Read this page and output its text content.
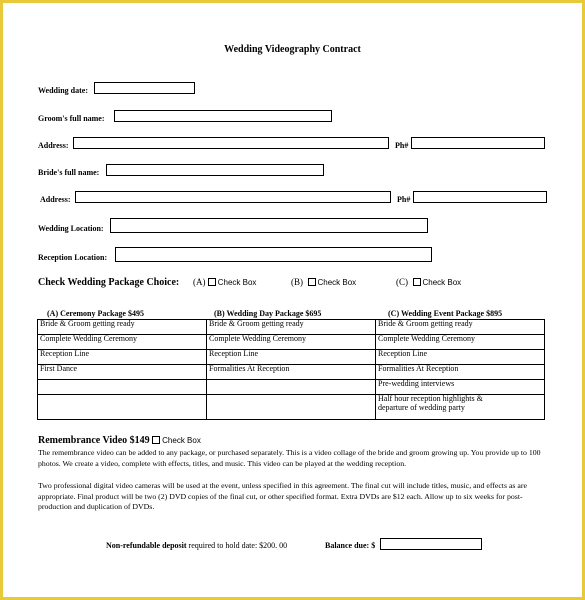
Wedding Videography Contract
Wedding date:
Groom's full name:
Address:	Ph#
Bride's full name:
Address:	Ph#
Wedding Location:
Reception Location:
Check Wedding Package Choice: (A) Check Box	(B) Check Box	(C) Check Box
(A) Ceremony Package $495	(B) Wedding Day Package $695	(C) Wedding Event Package $895
Bride & Groom getting ready	Bride & Groom getting ready	Bride & Groom getting ready
Complete Wedding Ceremony	Complete Wedding Ceremony	Complete Wedding Ceremony
Reception Line	Reception Line	Reception Line
First Dance	Formalities At Reception	Formalities At Reception
		Pre-wedding interviews
		Half hour reception highlights & departure of wedding party
Remembrance Video $149 Check Box
The remembrance video can be added to any package, or purchased separately. This is a video collage of the bride and groom growing up. You provide up to 100 photos. We create a video, complete with effects, titles, and music. This video can be played at the wedding reception.
Two professional digital video cameras will be used at the event, unless specified in this agreement. The final cut will include titles, music, and effects as are appropriate. Final product will be two (2) DVD copies of the final cut, or other specified format. Extra DVDs are $12 each. Allow up to six weeks for post-production and duplication of DVDs.
Non-refundable deposit required to hold date: $200. 00	Balance due: $
